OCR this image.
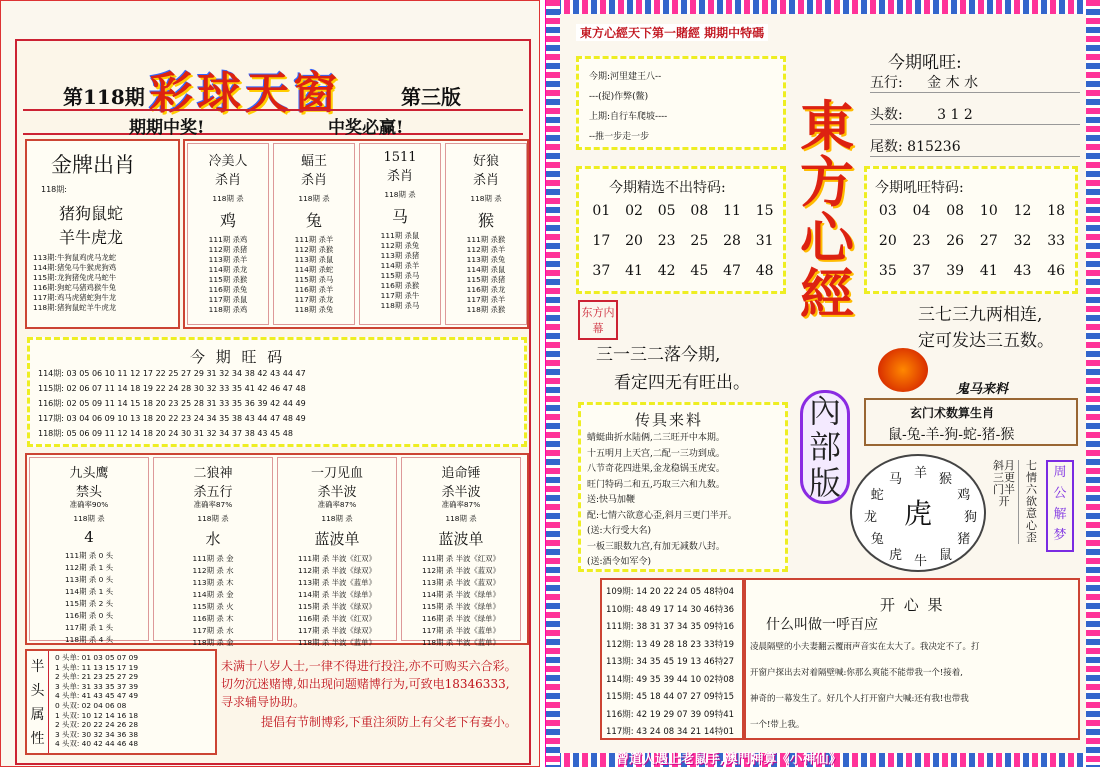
第118期 彩球天窗	第三版
期期中奖!	中奖必赢!
金牌出肖
118期:
猪狗鼠蛇
羊牛虎龙
113期:牛狗鼠鸡虎马龙蛇
114期:猪兔马牛猴虎狗鸡
115期:龙狗猪兔虎马蛇牛
116期:狗蛇马猪鸡猴牛兔
117期:鸡马虎猪蛇狗牛龙
118期:猪狗鼠蛇羊牛虎龙
冷美人
杀肖
118期 杀
鸡
111期 杀鸡
112期 杀猪
113期 杀羊
114期 杀龙
115期 杀猴
116期 杀兔
117期 杀鼠
118期 杀鸡
蝠王
杀肖
118期 杀
兔
111期 杀羊
112期 杀猴
113期 杀鼠
114期 杀蛇
115期 杀马
116期 杀羊
117期 杀龙
118期 杀兔
1511
杀肖
118期 杀
马
111期 杀鼠
112期 杀兔
113期 杀猪
114期 杀羊
115期 杀马
116期 杀猴
117期 杀牛
118期 杀马
好狼
杀肖
118期 杀
猴
111期 杀猴
112期 杀羊
113期 杀兔
114期 杀鼠
115期 杀猪
116期 杀龙
117期 杀羊
118期 杀猴
今 期 旺 码
114期: 03 05 06 10 11 12 17 22 25 27 29 31 32 34 38 42 43 44 47
115期: 02 06 07 11 14 18 19 22 24 28 30 32 33 35 41 42 46 47 48
116期: 02 05 09 11 14 15 18 20 23 25 28 31 33 35 36 39 42 44 49
117期: 03 04 06 09 10 13 18 20 22 23 24 34 35 38 43 44 47 48 49
118期: 05 06 09 11 12 14 18 20 24 30 31 32 34 37 38 43 45 48
九头鹰
禁头
准确率90%
118期 杀
4
111期 杀 0 头
112期 杀 1 头
113期 杀 0 头
114期 杀 1 头
115期 杀 2 头
116期 杀 0 头
117期 杀 1 头
118期 杀 4 头
二狼神
杀五行
准确率87%
118期 杀
水
111期 杀 金
112期 杀 水
113期 杀 木
114期 杀 金
115期 杀 火
116期 杀 木
117期 杀 水
118期 杀 金
一刀见血
杀半波
准确率87%
118期 杀
蓝波单
111期 杀 半波《红双》
112期 杀 半波《绿双》
113期 杀 半波《蓝单》
114期 杀 半波《绿单》
115期 杀 半波《绿双》
116期 杀 半波《红双》
117期 杀 半波《绿双》
118期 杀 半波《蓝单》
追命锤
杀半波
准确率87%
118期 杀
蓝波单
111期 杀 半波《红双》
112期 杀 半波《蓝双》
113期 杀 半波《蓝双》
114期 杀 半波《绿单》
115期 杀 半波《绿单》
116期 杀 半波《绿单》
117期 杀 半波《蓝单》
118期 杀 半波《蓝单》
半
头
属
性
0 头单: 01 03 05 07 09
1 头单: 11 13 15 17 19
2 头单: 21 23 25 27 29
3 头单: 31 33 35 37 39
4 头单: 41 43 45 47 49
0 头双: 02 04 06 08
1 头双: 10 12 14 16 18
2 头双: 20 22 24 26 28
3 头双: 30 32 34 36 38
4 头双: 40 42 44 46 48
未满十八岁人士,一律不得进行投注,亦不可购买六合彩。切勿沉迷赌博,如出现问题赌博行为,可致电18346333,寻求辅导协助。
提倡有节制博彩,下重注须防上有父老下有妻小。
東方心經天下第一賭經 期期中特碼
今期:河里建王八--
---(捉)作弊(鳖)
上期:自行车爬坡----
--推一步走一步	東方心經
內部版
今期吼旺:
五行: 金 木 水
头数: 3 1 2
尾数: 815236
今期精选不出特码:
01	02	05	08	11	15
17	20	23	25	28	31
37	41	42	45	47	48
今期吼旺特码:
03	04	08	10	12	18
20	23	26	27	32	33
35	37	39	41	43	46
东方内幕
三一三二落今期,
看定四无有旺出。
三七三九两相连,
定可发达三五数。
鬼马来料
玄门术数算生肖
鼠-兔-羊-狗-蛇-猪-猴
传具来料
蜻蜓曲折水陆俩,二三旺开中本期。
十五明月上天宫,二配一三功到成。
八节奇花四进果,金龙稳锅玉虎安。
旺门特码二和五,巧取三六和九数。
送:快马加鞭
配:七情六欲意心歪,斜月三更门半开。
(送:大行受大名)
一板三眼数九宫,有加无减数八封。
(送:酒令如军令)
羊 猴
鸡
狗
猪
鼠
牛
虎
兔
龙
蛇
马
虎
斜月三更门半开
七情六欲意心歪
周公解梦
109期: 14 20 22 24 05 48特04
110期: 48 49 17 14 30 46特36
111期: 38 31 37 34 35 09特16
112期: 13 49 28 18 23 33特19
113期: 34 35 45 19 13 46特27
114期: 49 35 39 44 10 02特08
115期: 45 18 44 07 27 09特15
116期: 42 19 29 07 39 09特41
117期: 43 24 08 34 21 14特01
开 心 果
什么叫做一呼百应
凌晨隔壁的小夫妻翻云覆雨声音实在太大了。我决定不了。打
开窗户探出去对着隔壁喊:你那么爽能不能带我一个!接着,
神奇的一幕发生了。好几个人打开窗户大喊:还有我!也带我
一个!带上我。
曾道人遇上老鼠手,澳門神算《小神仙》
